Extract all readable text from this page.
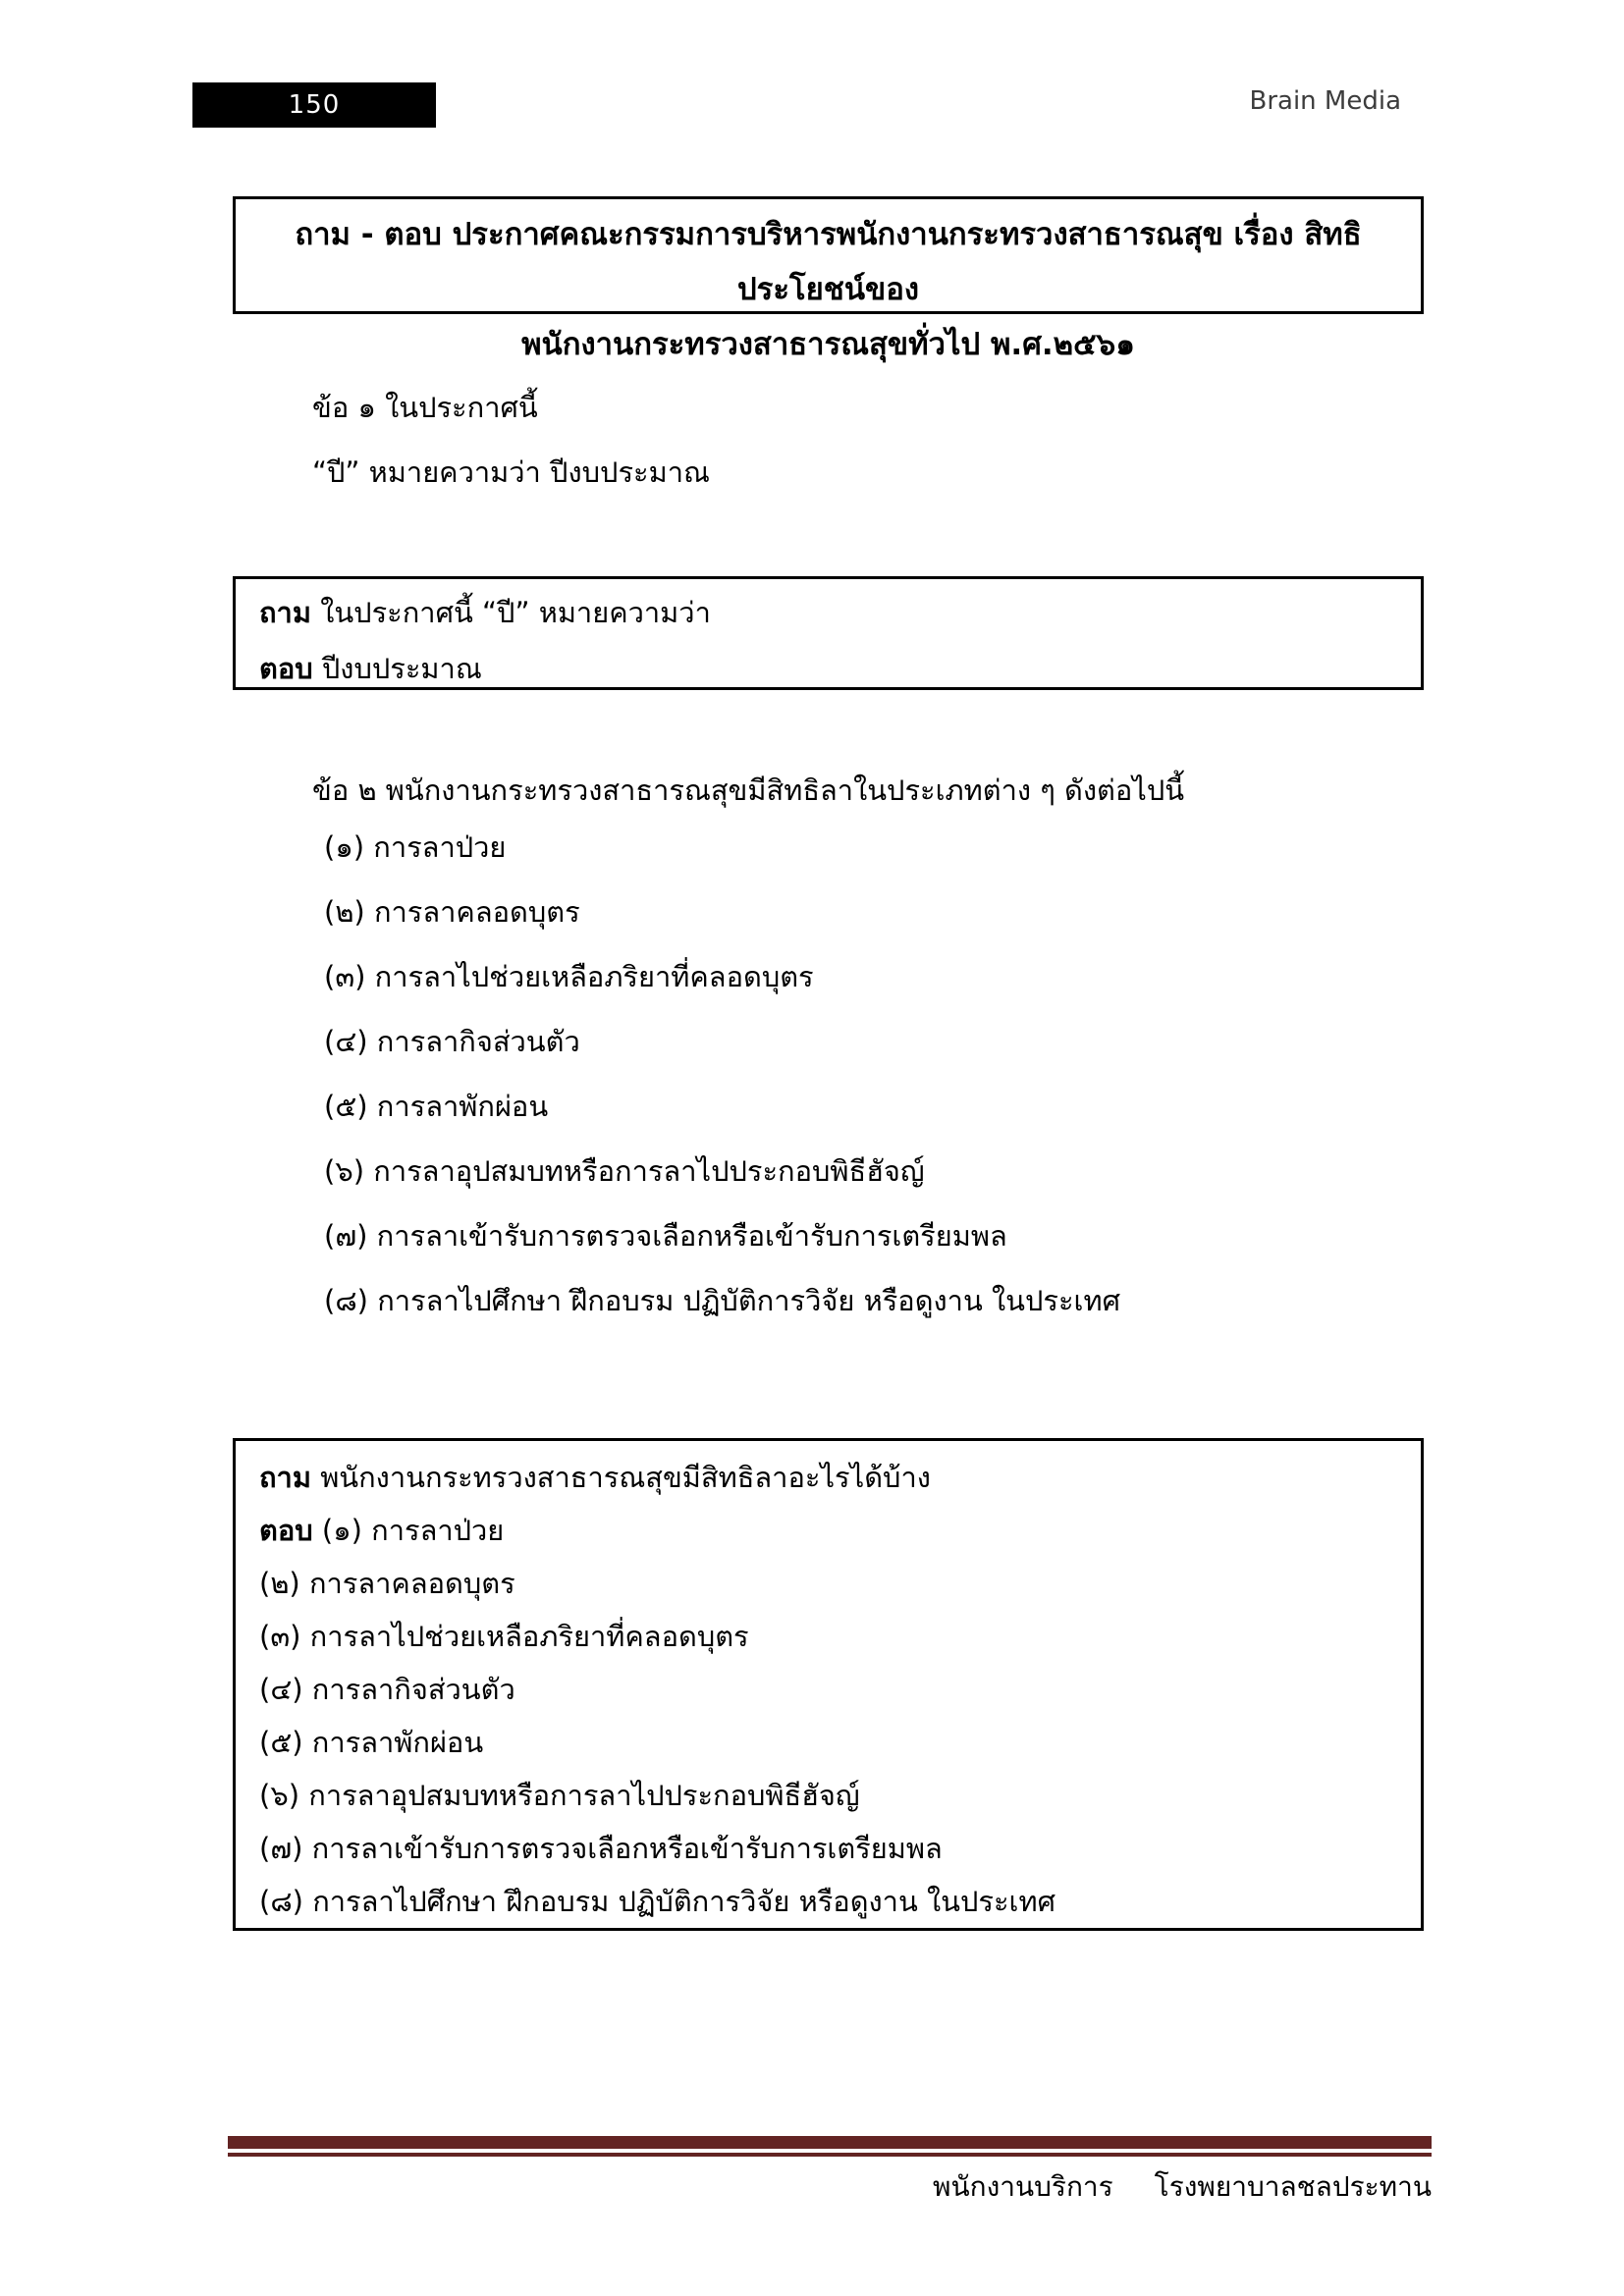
150	Brain Media
ถาม - ตอบ ประกาศคณะกรรมการบริหารพนักงานกระทรวงสาธารณสุข เรื่อง สิทธิประโยชน์ของ
พนักงานกระทรวงสาธารณสุขทั่วไป พ.ศ.๒๕๖๑
ข้อ ๑ ในประกาศนี้
“ปี” หมายความว่า ปีงบประมาณ
ถาม ในประกาศนี้ “ปี” หมายความว่า
ตอบ ปีงบประมาณ
ข้อ ๒ พนักงานกระทรวงสาธารณสุขมีสิทธิลาในประเภทต่าง ๆ ดังต่อไปนี้
(๑) การลาป่วย
(๒) การลาคลอดบุตร
(๓) การลาไปช่วยเหลือภริยาที่คลอดบุตร
(๔) การลากิจส่วนตัว
(๕) การลาพักผ่อน
(๖) การลาอุปสมบทหรือการลาไปประกอบพิธีฮัจญ์
(๗) การลาเข้ารับการตรวจเลือกหรือเข้ารับการเตรียมพล
(๘) การลาไปศึกษา ฝึกอบรม ปฏิบัติการวิจัย หรือดูงาน ในประเทศ
ถาม พนักงานกระทรวงสาธารณสุขมีสิทธิลาอะไรได้บ้าง
ตอบ (๑) การลาป่วย
(๒) การลาคลอดบุตร
(๓) การลาไปช่วยเหลือภริยาที่คลอดบุตร
(๔) การลากิจส่วนตัว
(๕) การลาพักผ่อน
(๖) การลาอุปสมบทหรือการลาไปประกอบพิธีฮัจญ์
(๗) การลาเข้ารับการตรวจเลือกหรือเข้ารับการเตรียมพล
(๘) การลาไปศึกษา ฝึกอบรม ปฏิบัติการวิจัย หรือดูงาน ในประเทศ
พนักงานบริการ โรงพยาบาลชลประทาน
